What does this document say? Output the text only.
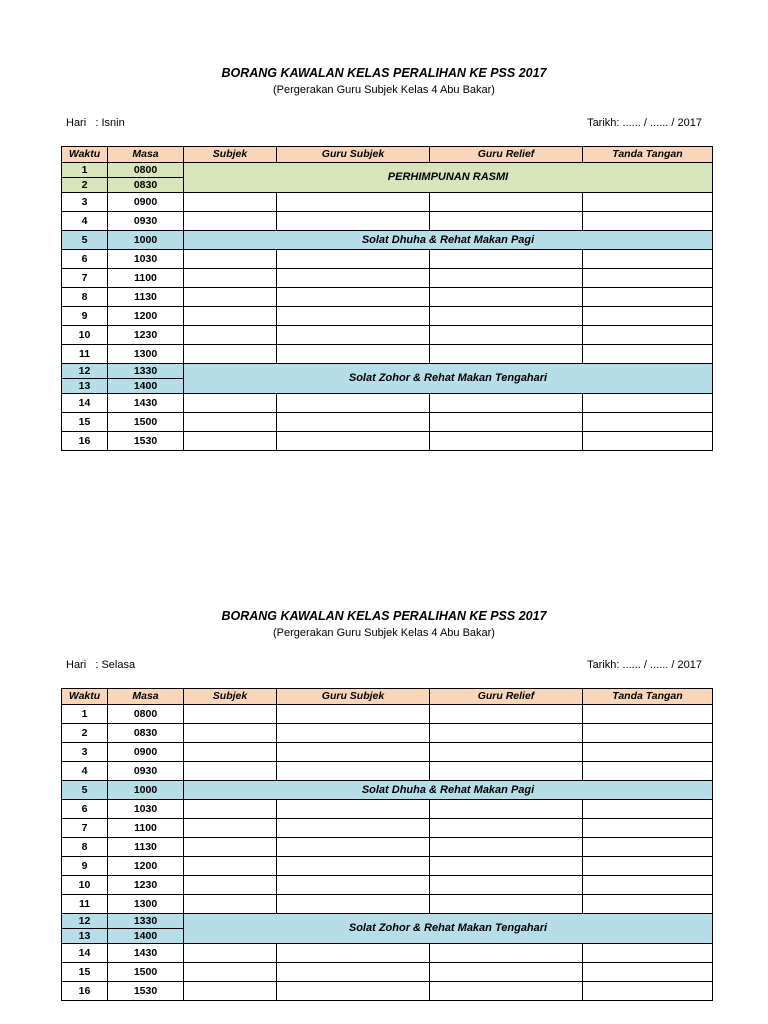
BORANG KAWALAN KELAS PERALIHAN KE PSS 2017
(Pergerakan Guru Subjek Kelas 4 Abu Bakar)
Hari   : Isnin	Tarikh: ...... / ...... / 2017
Waktu	Masa	Subjek	Guru Subjek	Guru Relief	Tanda Tangan
1	0800	PERHIMPUNAN RASMI			
2	0830				
3	0900				
4	0930				
5	1000	Solat Dhuha & Rehat Makan Pagi			
6	1030				
7	1100				
8	1130				
9	1200				
10	1230				
11	1300				
12	1330	Solat Zohor & Rehat Makan Tengahari			
13	1400				
14	1430				
15	1500				
16	1530				
BORANG KAWALAN KELAS PERALIHAN KE PSS 2017
(Pergerakan Guru Subjek Kelas 4 Abu Bakar)
Hari   : Selasa	Tarikh: ...... / ...... / 2017
Waktu	Masa	Subjek	Guru Subjek	Guru Relief	Tanda Tangan
1	0800				
2	0830				
3	0900				
4	0930				
5	1000	Solat Dhuha & Rehat Makan Pagi			
6	1030				
7	1100				
8	1130				
9	1200				
10	1230				
11	1300				
12	1330	Solat Zohor & Rehat Makan Tengahari			
13	1400				
14	1430				
15	1500				
16	1530				
